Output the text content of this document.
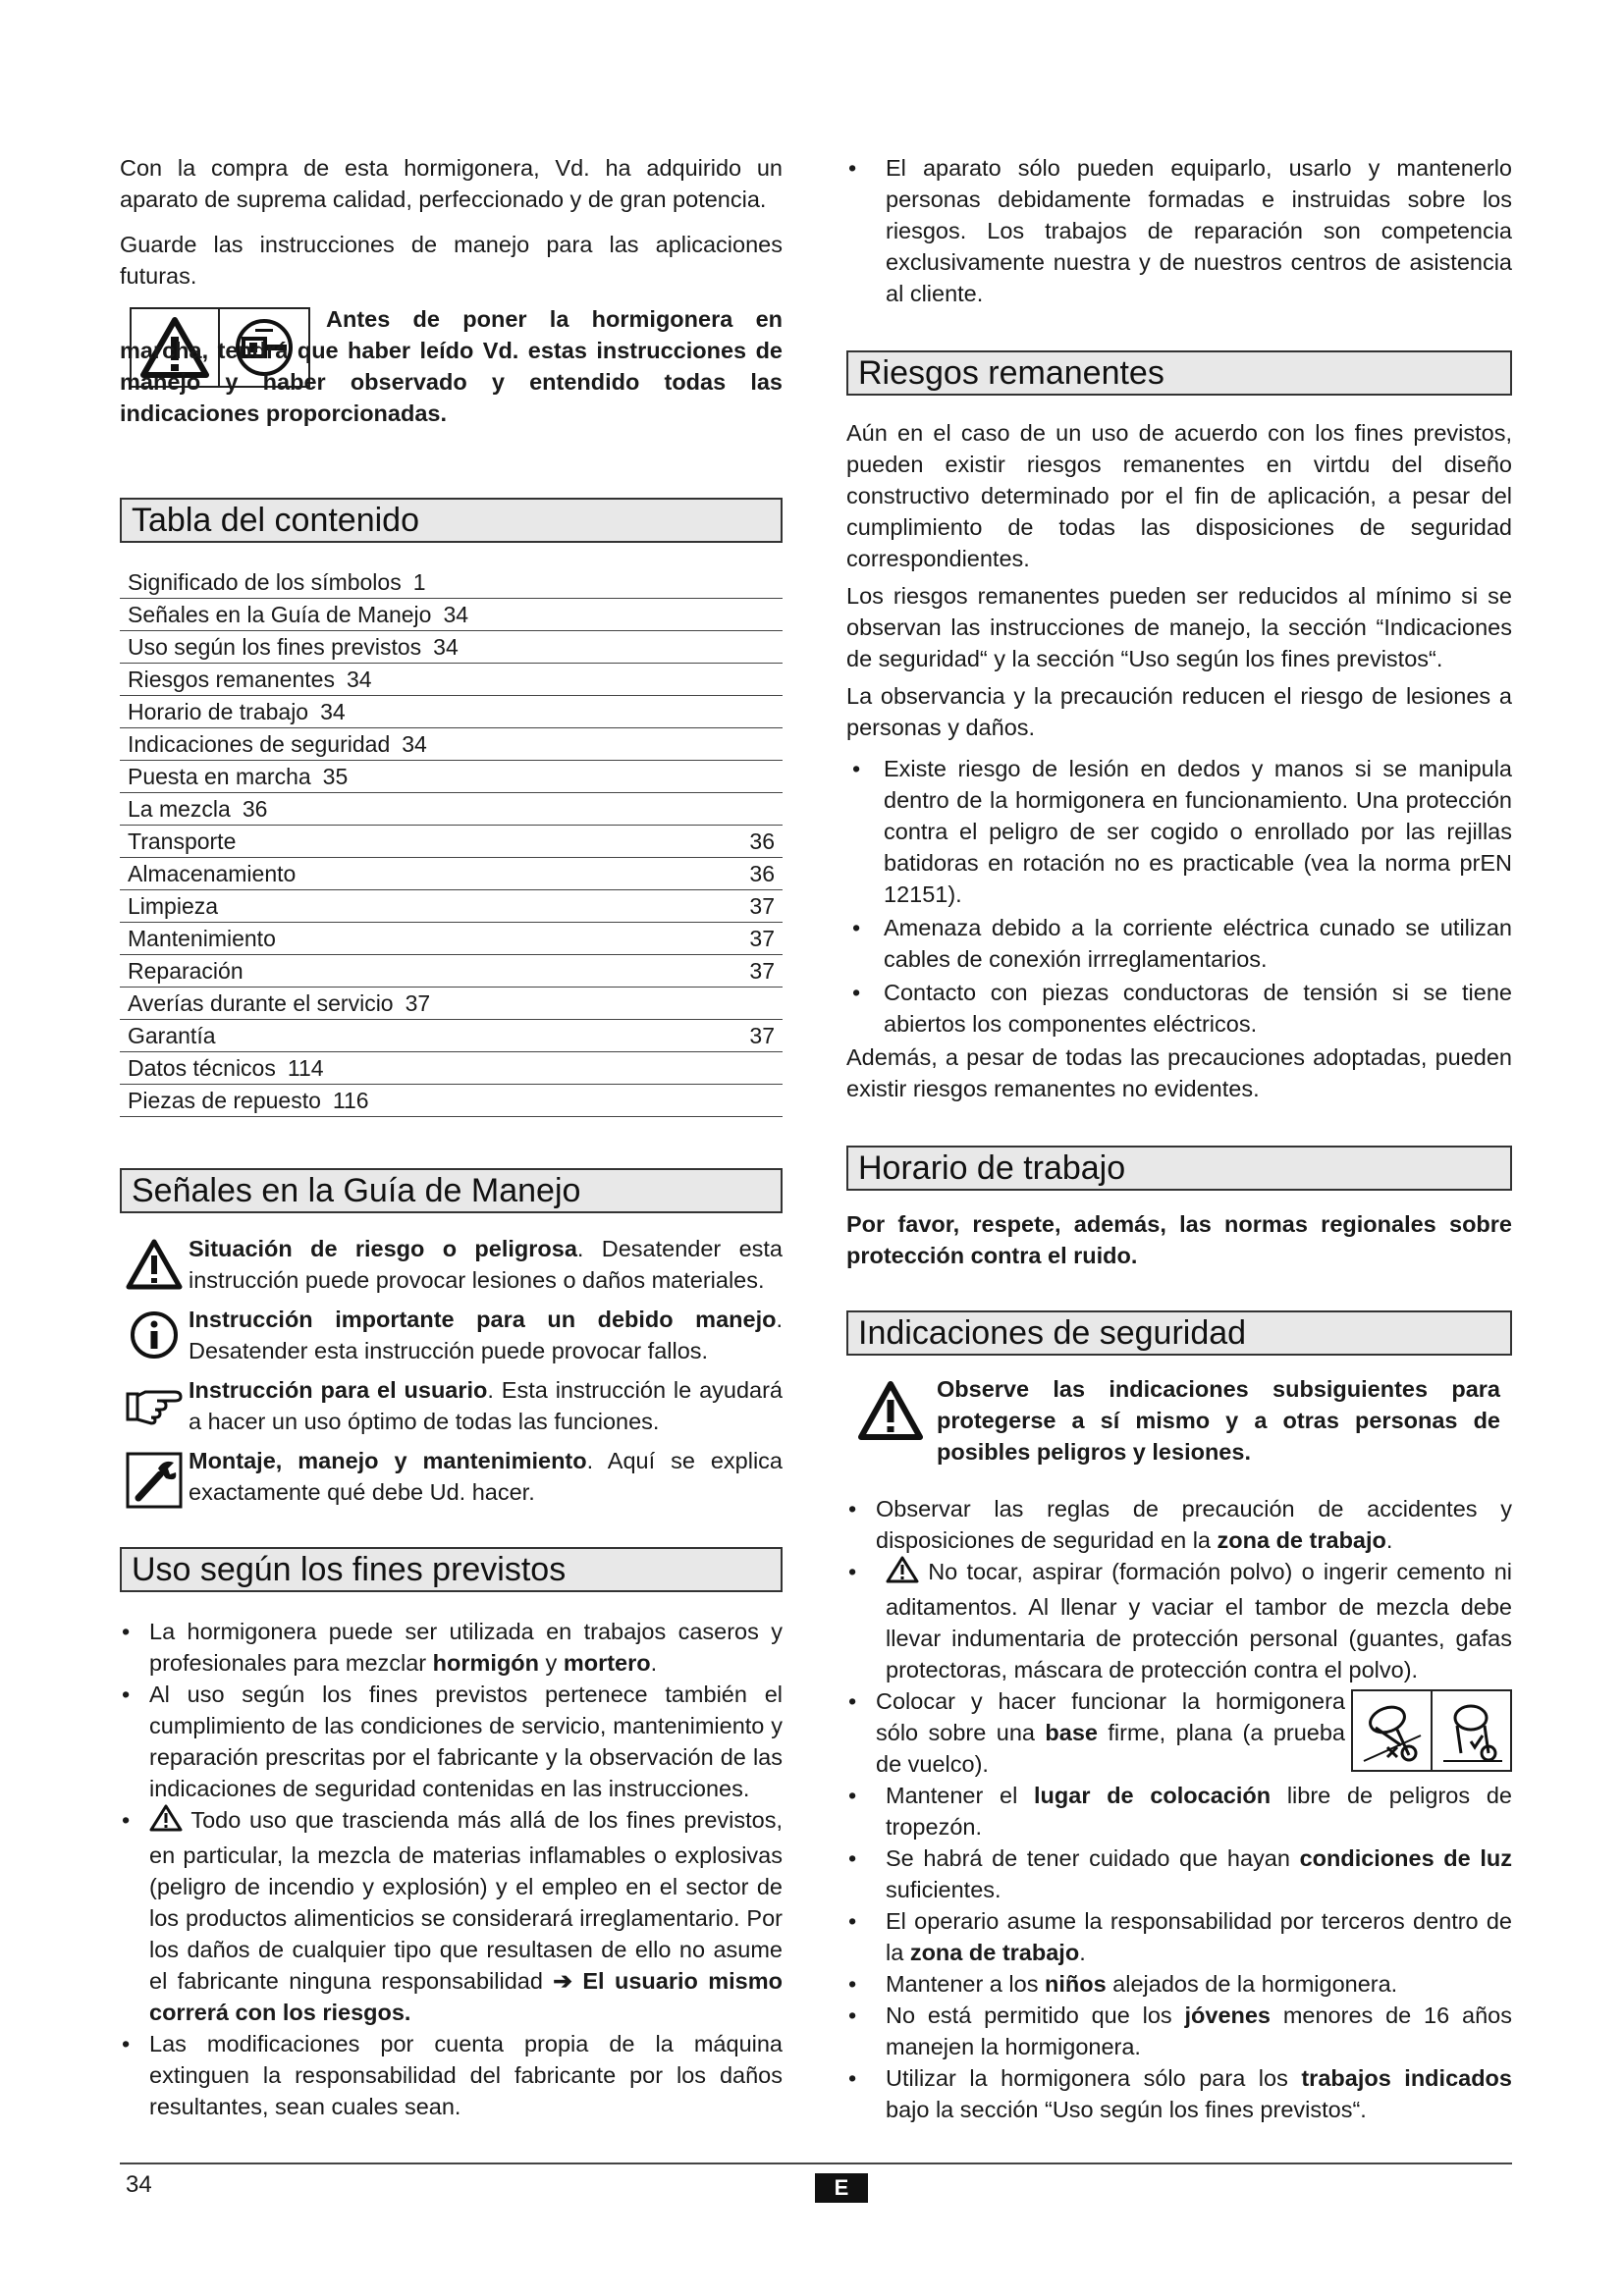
Con la compra de esta hormigonera, Vd. ha adquirido un aparato de suprema calidad, perfeccionado y de gran potencia.

Guarde las instrucciones de manejo para las aplicaciones futuras.

Antes de poner la hormigonera en marcha, tendrá que haber leído Vd. estas instrucciones de manejo y haber observado y entendido todas las indicaciones proporcionadas.

Tabla del contenido
Significado de los símbolos 1
Señales en la Guía de Manejo 34
Uso según los fines previstos 34
Riesgos remanentes 34
Horario de trabajo 34
Indicaciones de seguridad 34
Puesta en marcha 35
La mezcla 36
Transporte	36
Almacenamiento	36
Limpieza	37
Mantenimiento	37
Reparación	37
Averías durante el servicio 37
Garantía	37
Datos técnicos 114
Piezas de repuesto 116
Señales en la Guía de Manejo

Situación de riesgo o peligrosa. Desatender esta instrucción puede provocar lesiones o daños materiales.

Instrucción importante para un debido manejo. Desatender esta instrucción puede provocar fallos.

Instrucción para el usuario. Esta instrucción le ayudará a hacer un uso óptimo de todas las funciones.

Montaje, manejo y mantenimiento. Aquí se explica exactamente qué debe Ud. hacer.

Uso según los fines previstos
• La hormigonera puede ser utilizada en trabajos caseros y profesionales para mezclar hormigón y mortero.
• Al uso según los fines previstos pertenece también el cumplimiento de las condiciones de servicio, mantenimiento y reparación prescritas por el fabricante y la observación de las indicaciones de seguridad contenidas en las instrucciones.
• Todo uso que trascienda más allá de los fines previstos, en particular, la mezcla de materias inflamables o explosivas (peligro de incendio y explosión) y el empleo en el sector de los productos alimenticios se considerará irreglamentario. Por los daños de cualquier tipo que resultasen de ello no asume el fabricante ninguna responsabilidad ➔ El usuario mismo correrá con los riesgos.
• Las modificaciones por cuenta propia de la máquina extinguen la responsabilidad del fabricante por los daños resultantes, sean cuales sean.
• El aparato sólo pueden equiparlo, usarlo y mantenerlo personas debidamente formadas e instruidas sobre los riesgos. Los trabajos de reparación son competencia exclusivamente nuestra y de nuestros centros de asistencia al cliente.
Riesgos remanentes

Aún en el caso de un uso de acuerdo con los fines previstos, pueden existir riesgos remanentes en virtdu del diseño constructivo determinado por el fin de aplicación, a pesar del cumplimiento de todas las disposiciones de seguridad correspondientes.

Los riesgos remanentes pueden ser reducidos al mínimo si se observan las instrucciones de manejo, la sección “Indicaciones de seguridad“ y la sección “Uso según los fines previstos“.

La observancia y la precaución reducen el riesgo de lesiones a personas y daños.

• Existe riesgo de lesión en dedos y manos si se manipula dentro de la hormigonera en funcionamiento. Una protección contra el peligro de ser cogido o enrollado por las rejillas batidoras en rotación no es practicable (vea la norma prEN 12151).
• Amenaza debido a la corriente eléctrica cunado se utilizan cables de conexión irrreglamentarios.
• Contacto con piezas conductoras de tensión si se tiene abiertos los componentes eléctricos.

Además, a pesar de todas las precauciones adoptadas, pueden existir riesgos remanentes no evidentes.

Horario de trabajo

Por favor, respete, además, las normas regionales sobre protección contra el ruido.

Indicaciones de seguridad

Observe las indicaciones subsiguientes para protegerse a sí mismo y a otras personas de posibles peligros y lesiones.

• Observar las reglas de precaución de accidentes y disposiciones de seguridad en la zona de trabajo.
•	No tocar, aspirar (formación polvo) o ingerir cemento ni aditamentos. Al llenar y vaciar el tambor de mezcla debe llevar indumentaria de protección personal (guantes, gafas protectoras, máscara de protección contra el polvo).
• Colocar y hacer funcionar la hormigonera sólo sobre una base firme, plana (a prueba de vuelco).
• Mantener el lugar de colocación libre de peligros de tropezón.
• Se habrá de tener cuidado que hayan condiciones de luz suficientes.
• El operario asume la responsabilidad por terceros dentro de la zona de trabajo.
• Mantener a los niños alejados de la hormigonera.
• No está permitido que los jóvenes menores de 16 años manejen la hormigonera.
• Utilizar la hormigonera sólo para los trabajos indicados bajo la sección “Uso según los fines previstos“.
34	E
